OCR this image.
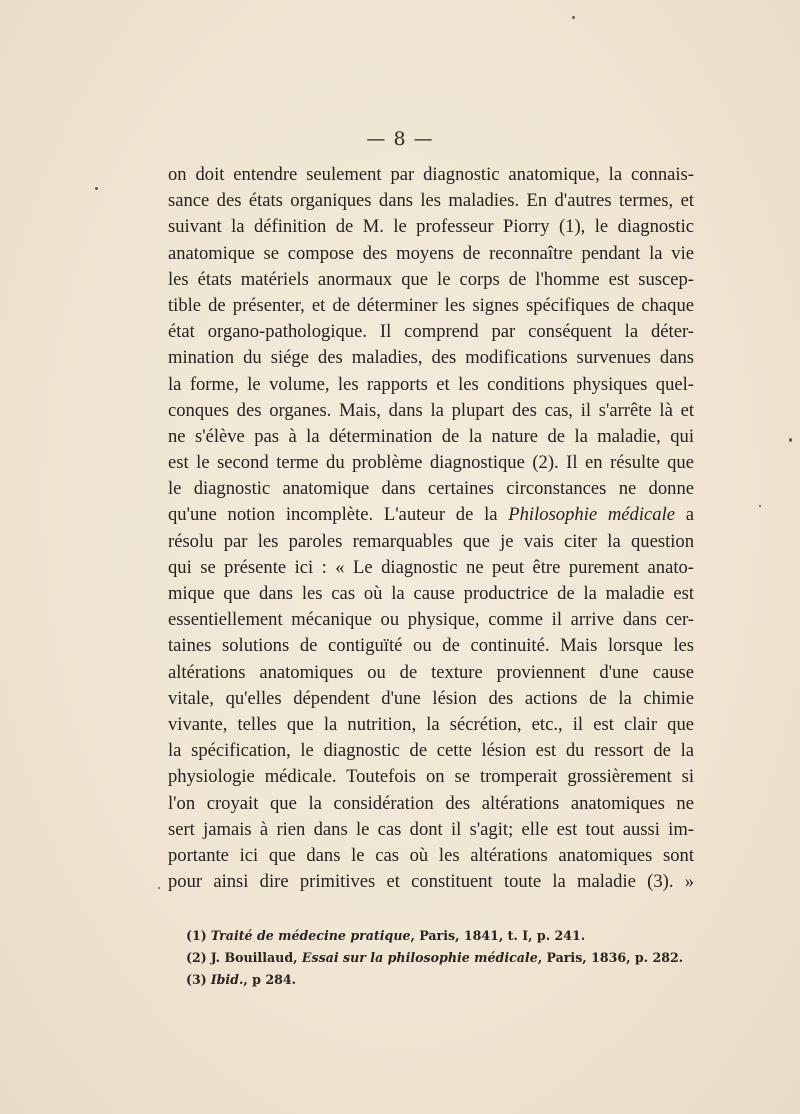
— 8 —
on doit entendre seulement par diagnostic anatomique, la connais-
sance des états organiques dans les maladies. En d'autres termes, et
suivant la définition de M. le professeur Piorry (1), le diagnostic
anatomique se compose des moyens de reconnaître pendant la vie
les états matériels anormaux que le corps de l'homme est suscep-
tible de présenter, et de déterminer les signes spécifiques de chaque
état organo-pathologique. Il comprend par conséquent la déter-
mination du siége des maladies, des modifications survenues dans
la forme, le volume, les rapports et les conditions physiques quel-
conques des organes. Mais, dans la plupart des cas, il s'arrête là et
ne s'élève pas à la détermination de la nature de la maladie, qui
est le second terme du problème diagnostique (2). Il en résulte que
le diagnostic anatomique dans certaines circonstances ne donne
qu'une notion incomplète. L'auteur de la Philosophie médicale a
résolu par les paroles remarquables que je vais citer la question
qui se présente ici : « Le diagnostic ne peut être purement anato-
mique que dans les cas où la cause productrice de la maladie est
essentiellement mécanique ou physique, comme il arrive dans cer-
taines solutions de contiguïté ou de continuité. Mais lorsque les
altérations anatomiques ou de texture proviennent d'une cause
vitale, qu'elles dépendent d'une lésion des actions de la chimie
vivante, telles que la nutrition, la sécrétion, etc., il est clair que
la spécification, le diagnostic de cette lésion est du ressort de la
physiologie médicale. Toutefois on se tromperait grossièrement si
l'on croyait que la considération des altérations anatomiques ne
sert jamais à rien dans le cas dont il s'agit; elle est tout aussi im-
portante ici que dans le cas où les altérations anatomiques sont
pour ainsi dire primitives et constituent toute la maladie (3). »
(1) Traité de médecine pratique, Paris, 1841, t. I, p. 241.
(2) J. Bouillaud, Essai sur la philosophie médicale, Paris, 1836, p. 282.
(3) Ibid., p 284.
